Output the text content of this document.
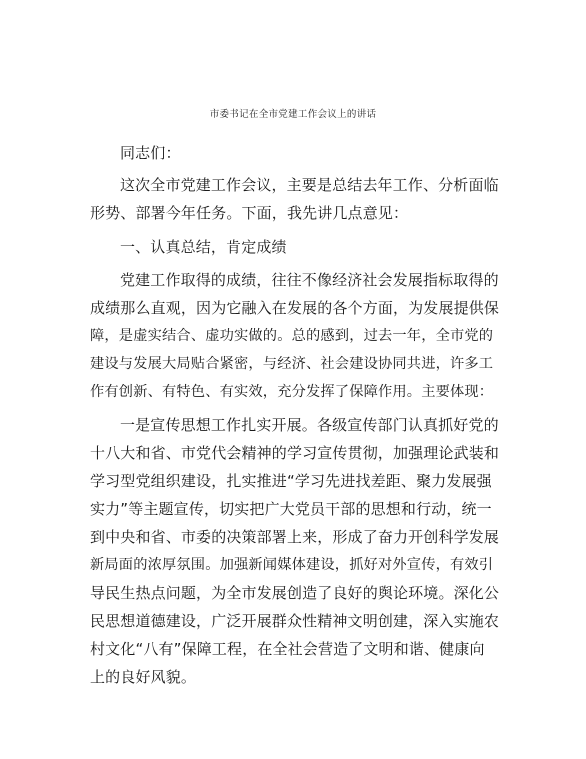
市委书记在全市党建工作会议上的讲话
同志们：
这次全市党建工作会议，主要是总结去年工作、分析面临
形势、部署今年任务。下面，我先讲几点意见：
一、认真总结，肯定成绩
党建工作取得的成绩，往往不像经济社会发展指标取得的
成绩那么直观，因为它融入在发展的各个方面，为发展提供保
障，是虚实结合、虚功实做的。总的感到，过去一年，全市党的
建设与发展大局贴合紧密，与经济、社会建设协同共进，许多工
作有创新、有特色、有实效，充分发挥了保障作用。主要体现：
一是宣传思想工作扎实开展。各级宣传部门认真抓好党的
十八大和省、市党代会精神的学习宣传贯彻，加强理论武装和
学习型党组织建设，扎实推进“学习先进找差距、聚力发展强
实力”等主题宣传，切实把广大党员干部的思想和行动，统一
到中央和省、市委的决策部署上来，形成了奋力开创科学发展
新局面的浓厚氛围。加强新闻媒体建设，抓好对外宣传，有效引
导民生热点问题，为全市发展创造了良好的舆论环境。深化公
民思想道德建设，广泛开展群众性精神文明创建，深入实施农
村文化“八有”保障工程，在全社会营造了文明和谐、健康向
上的良好风貌。
